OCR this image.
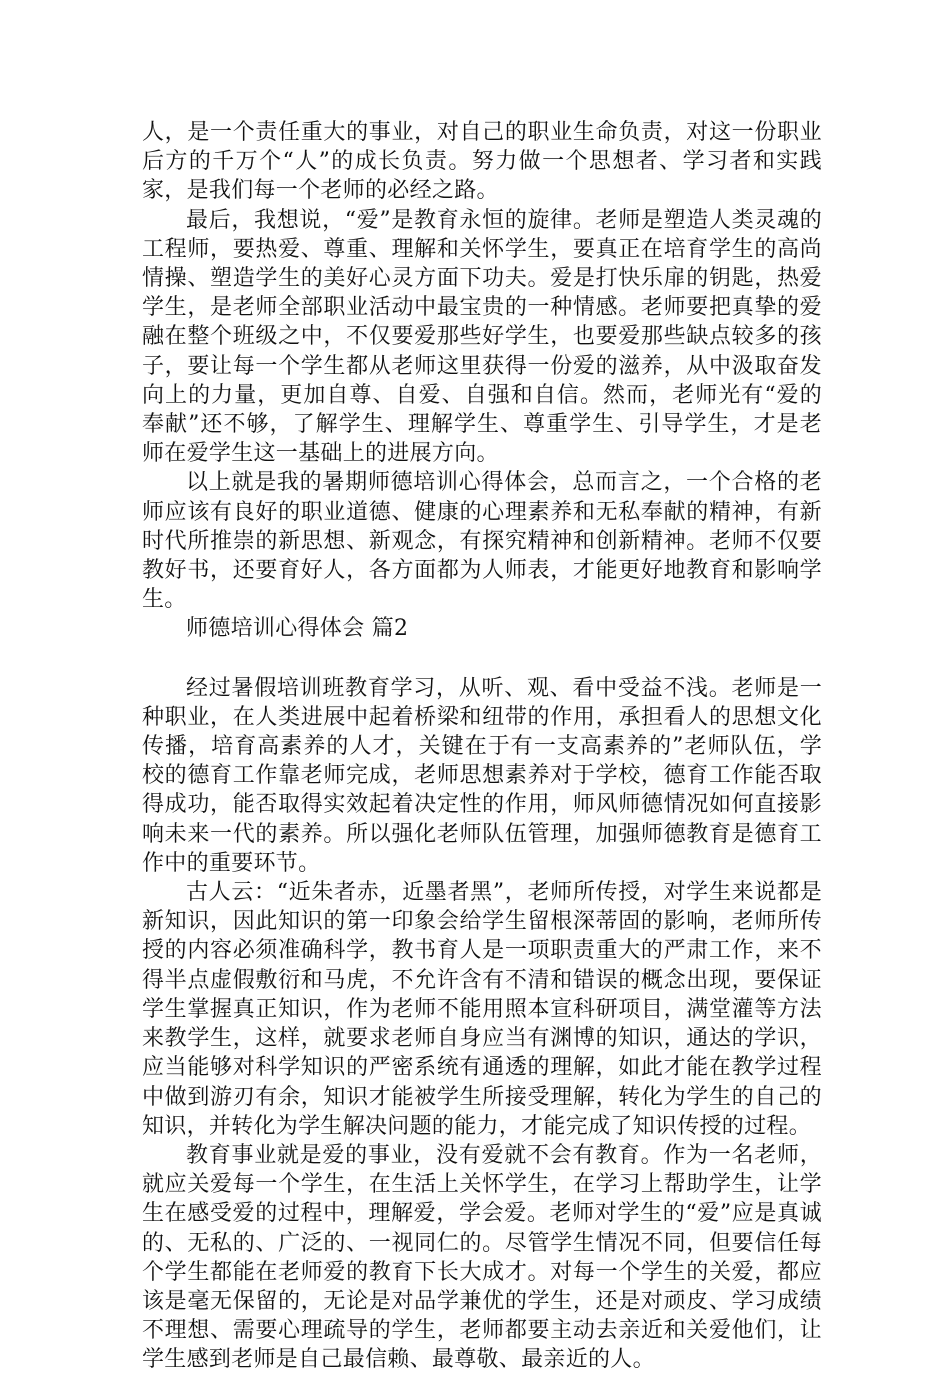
人，是一个责任重大的事业，对自己的职业生命负责，对这一份职业后方的千万个“人”的成长负责。努力做一个思想者、学习者和实践家，是我们每一个老师的必经之路。

最后，我想说，“爱”是教育永恒的旋律。老师是塑造人类灵魂的工程师，要热爱、尊重、理解和关怀学生，要真正在培育学生的高尚情操、塑造学生的美好心灵方面下功夫。爱是打快乐扉的钥匙，热爱学生，是老师全部职业活动中最宝贵的一种情感。老师要把真挚的爱融在整个班级之中，不仅要爱那些好学生，也要爱那些缺点较多的孩子，要让每一个学生都从老师这里获得一份爱的滋养，从中汲取奋发向上的力量，更加自尊、自爱、自强和自信。然而，老师光有“爱的奉献”还不够，了解学生、理解学生、尊重学生、引导学生，才是老师在爱学生这一基础上的进展方向。

以上就是我的暑期师德培训心得体会，总而言之，一个合格的老师应该有良好的职业道德、健康的心理素养和无私奉献的精神，有新时代所推崇的新思想、新观念，有探究精神和创新精神。老师不仅要教好书，还要育好人，各方面都为人师表，才能更好地教育和影响学生。

师德培训心得体会 篇2

经过暑假培训班教育学习，从听、观、看中受益不浅。老师是一种职业，在人类进展中起着桥梁和纽带的作用，承担看人的思想文化传播，培育高素养的人才，关键在于有一支高素养的”老师队伍，学校的德育工作靠老师完成，老师思想素养对于学校，德育工作能否取得成功，能否取得实效起着决定性的作用，师风师德情况如何直接影响未来一代的素养。所以强化老师队伍管理，加强师德教育是德育工作中的重要环节。

古人云：“近朱者赤，近墨者黑”，老师所传授，对学生来说都是新知识，因此知识的第一印象会给学生留根深蒂固的影响，老师所传授的内容必须准确科学，教书育人是一项职责重大的严肃工作，来不得半点虚假敷衍和马虎，不允许含有不清和错误的概念出现，要保证学生掌握真正知识，作为老师不能用照本宣科研项目，满堂灌等方法来教学生，这样，就要求老师自身应当有渊博的知识，通达的学识，应当能够对科学知识的严密系统有通透的理解，如此才能在教学过程中做到游刃有余，知识才能被学生所接受理解，转化为学生的自己的知识，并转化为学生解决问题的能力，才能完成了知识传授的过程。

教育事业就是爱的事业，没有爱就不会有教育。作为一名老师，就应关爱每一个学生，在生活上关怀学生，在学习上帮助学生，让学生在感受爱的过程中，理解爱，学会爱。老师对学生的“爱”应是真诚的、无私的、广泛的、一视同仁的。尽管学生情况不同，但要信任每个学生都能在老师爱的教育下长大成才。对每一个学生的关爱，都应该是毫无保留的，无论是对品学兼优的学生，还是对顽皮、学习成绩不理想、需要心理疏导的学生，老师都要主动去亲近和关爱他们，让学生感到老师是自己最信赖、最尊敬、最亲近的人。
